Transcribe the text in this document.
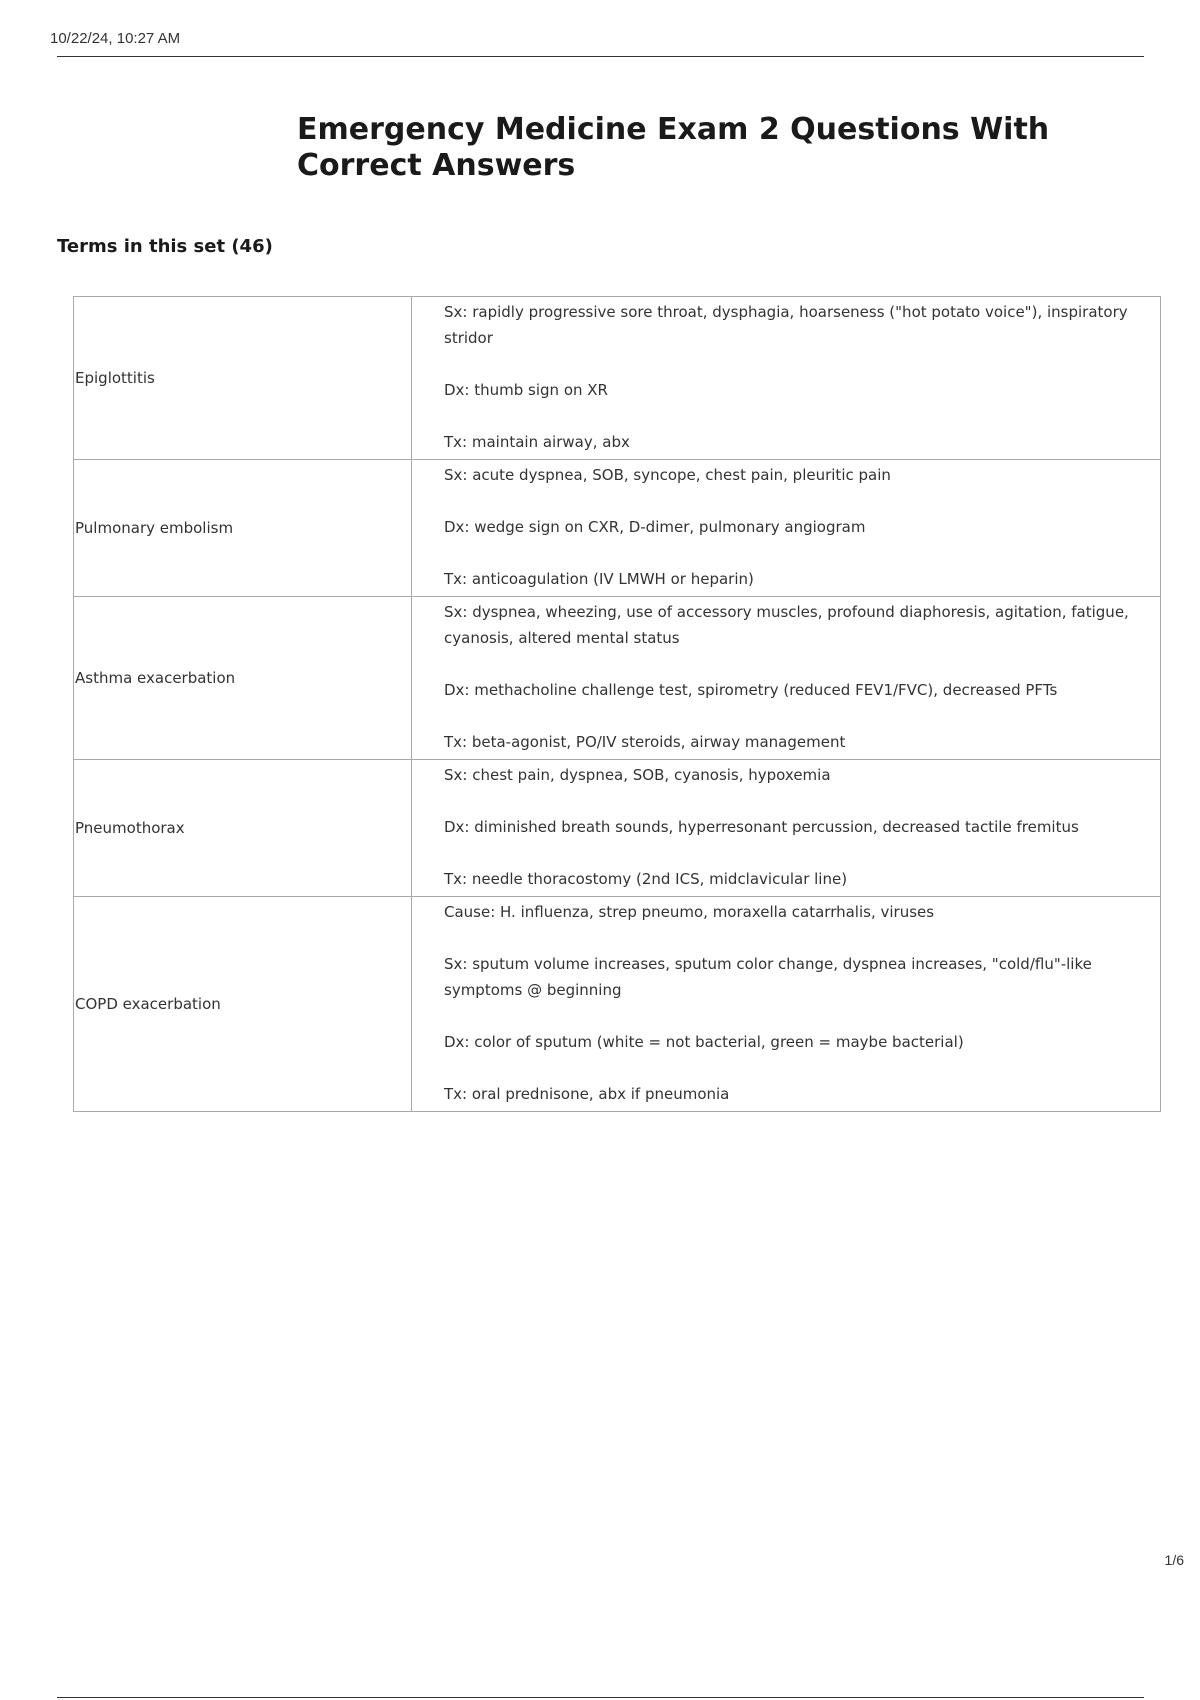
10/22/24, 10:27 AM
Emergency Medicine Exam 2 Questions With Correct Answers
Terms in this set (46)
Epiglottitis	Sx: rapidly progressive sore throat, dysphagia, hoarseness ("hot potato voice"), inspiratory stridor

Dx: thumb sign on XR

Tx: maintain airway, abx

Pulmonary embolism	Sx: acute dyspnea, SOB, syncope, chest pain, pleuritic pain

Dx: wedge sign on CXR, D-dimer, pulmonary angiogram

Tx: anticoagulation (IV LMWH or heparin)

Asthma exacerbation	Sx: dyspnea, wheezing, use of accessory muscles, profound diaphoresis, agitation, fatigue, cyanosis, altered mental status

Dx: methacholine challenge test, spirometry (reduced FEV1/FVC), decreased PFTs

Tx: beta-agonist, PO/IV steroids, airway management

Pneumothorax	Sx: chest pain, dyspnea, SOB, cyanosis, hypoxemia

Dx: diminished breath sounds, hyperresonant percussion, decreased tactile fremitus

Tx: needle thoracostomy (2nd ICS, midclavicular line)

COPD exacerbation	Cause: H. influenza, strep pneumo, moraxella catarrhalis, viruses

Sx: sputum volume increases, sputum color change, dyspnea increases, "cold/flu"-like symptoms @ beginning

Dx: color of sputum (white = not bacterial, green = maybe bacterial)

Tx: oral prednisone, abx if pneumonia

1/6
